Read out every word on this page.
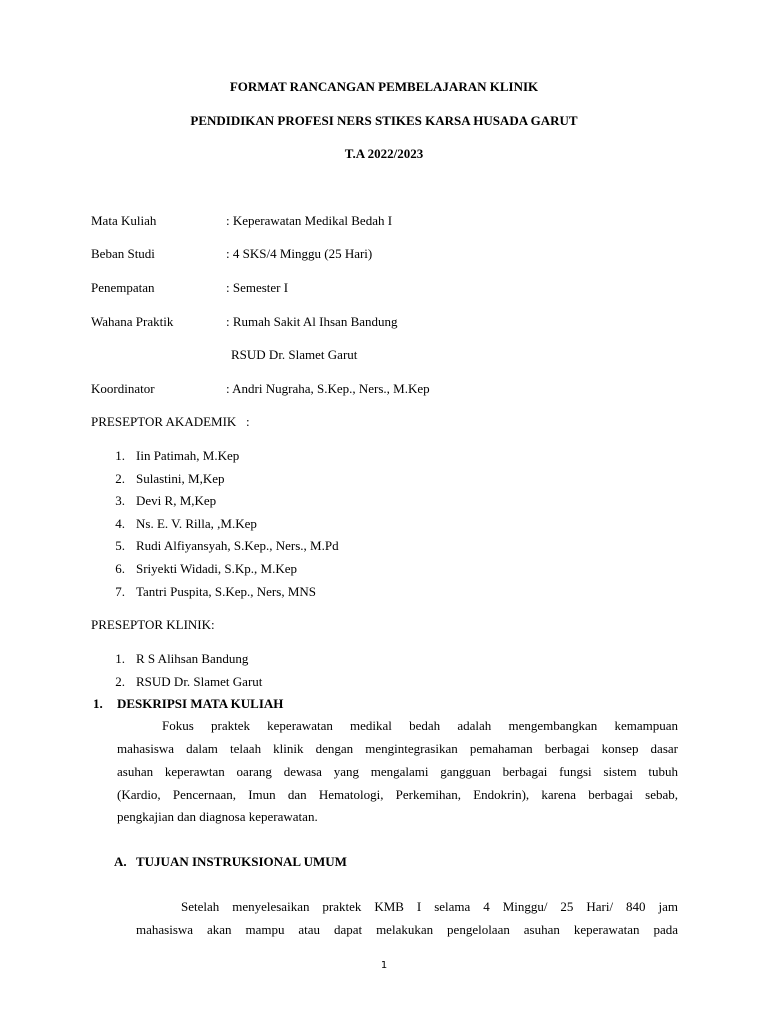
FORMAT RANCANGAN PEMBELAJARAN KLINIK
PENDIDIKAN PROFESI NERS STIKES KARSA HUSADA GARUT
T.A 2022/2023
Mata Kuliah	: Keperawatan Medikal Bedah I
Beban Studi	: 4 SKS/4 Minggu (25 Hari)
Penempatan	: Semester I
Wahana Praktik	: Rumah Sakit Al Ihsan Bandung
RSUD Dr. Slamet Garut
Koordinator	: Andri Nugraha, S.Kep., Ners., M.Kep
PRESEPTOR AKADEMIK   :
1. Iin Patimah, M.Kep
2. Sulastini, M,Kep
3. Devi R, M,Kep
4. Ns. E. V. Rilla, ,M.Kep
5. Rudi Alfiyansyah, S.Kep., Ners., M.Pd
6. Sriyekti Widadi, S.Kp., M.Kep
7. Tantri Puspita, S.Kep., Ners, MNS
PRESEPTOR KLINIK:
1. R S Alihsan Bandung
2. RSUD Dr. Slamet Garut
1. DESKRIPSI MATA KULIAH
Fokus praktek keperawatan medikal bedah adalah mengembangkan kemampuan
mahasiswa dalam telaah klinik dengan mengintegrasikan pemahaman berbagai konsep dasar
asuhan keperawtan oarang dewasa yang mengalami gangguan berbagai fungsi sistem tubuh
(Kardio, Pencernaan, Imun dan Hematologi, Perkemihan, Endokrin), karena berbagai sebab,
pengkajian dan diagnosa keperawatan.
A. TUJUAN INSTRUKSIONAL UMUM
Setelah menyelesaikan praktek KMB I selama 4 Minggu/ 25 Hari/ 840 jam
mahasiswa akan mampu atau dapat melakukan pengelolaan asuhan keperawatan pada
1
